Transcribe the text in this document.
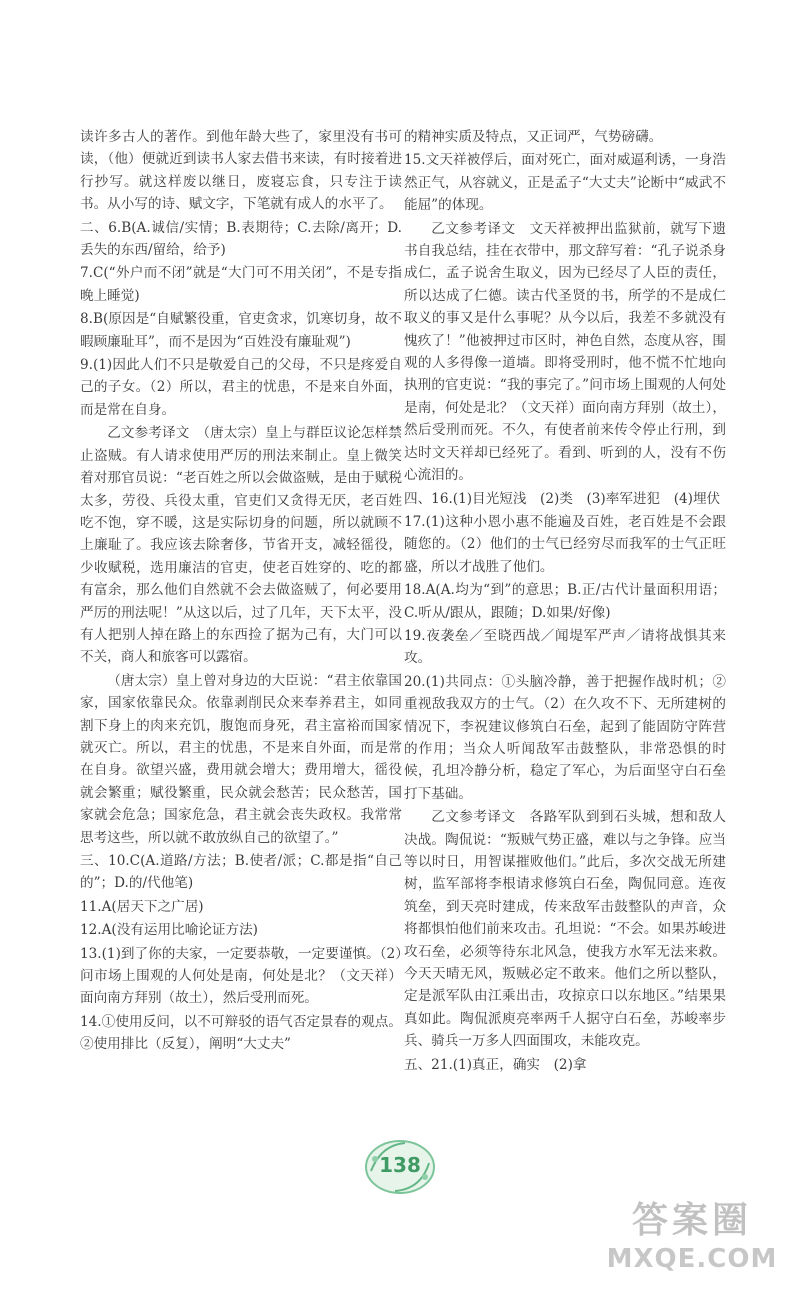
读许多古人的著作。到他年龄大些了，家里没有书可读，（他）便就近到读书人家去借书来读，有时接着进行抄写。就这样废以继日，废寝忘食，只专注于读书。从小写的诗、赋文字，下笔就有成人的水平了。

二、6.B(A.诚信/实情；B.表期待；C.去除/离开；D.丢失的东西/留给，给予)

7.C(“外户而不闭”就是“大门可不用关闭”，不是专指晚上睡觉)

8.B(原因是“自赋繁役重，官吏贪求，饥寒切身，故不暇顾廉耻耳”，而不是因为“百姓没有廉耻观”)

9.(1)因此人们不只是敬爱自己的父母，不只是疼爱自己的子女。（2）所以，君主的忧患，不是来自外面，而是常在自身。

乙文参考译文　（唐太宗）皇上与群臣议论怎样禁止盗贼。有人请求使用严厉的刑法来制止。皇上微笑着对那官员说：“老百姓之所以会做盗贼，是由于赋税太多，劳役、兵役太重，官吏们又贪得无厌，老百姓吃不饱，穿不暖，这是实际切身的问题，所以就顾不上廉耻了。我应该去除奢侈，节省开支，减轻徭役，少收赋税，选用廉洁的官吏，使老百姓穿的、吃的都有富余，那么他们自然就不会去做盗贼了，何必要用严厉的刑法呢！”从这以后，过了几年，天下太平，没有人把别人掉在路上的东西捡了据为己有，大门可以不关，商人和旅客可以露宿。

（唐太宗）皇上曾对身边的大臣说：“君主依靠国家，国家依靠民众。依靠剥削民众来奉养君主，如同割下身上的肉来充饥，腹饱而身死，君主富裕而国家就灭亡。所以，君主的忧患，不是来自外面，而是常在自身。欲望兴盛，费用就会增大；费用增大，徭役就会繁重；赋役繁重，民众就会愁苦；民众愁苦，国家就会危急；国家危急，君主就会丧失政权。我常常思考这些，所以就不敢放纵自己的欲望了。”

三、10.C(A.道路/方法；B.使者/派；C.都是指“自己的”；D.的/代他笔)

11.A(居天下之广居)

12.A(没有运用比喻论证方法)

13.(1)到了你的夫家，一定要恭敬，一定要谨慎。（2）问市场上围观的人何处是南，何处是北？（文天祥）面向南方拜别（故土），然后受刑而死。

14.①使用反问，以不可辩驳的语气否定景春的观点。②使用排比（反复），阐明“大丈夫”

的精神实质及特点，又正词严，气势磅礴。

15.文天祥被俘后，面对死亡，面对威逼利诱，一身浩然正气，从容就义，正是孟子“大丈夫”论断中“威武不能屈”的体现。

乙文参考译文　文天祥被押出监狱前，就写下遗书自我总结，挂在衣带中，那文辞写着：“孔子说杀身成仁，孟子说舍生取义，因为已经尽了人臣的责任，所以达成了仁德。读古代圣贤的书，所学的不是成仁取义的事又是什么事呢？从今以后，我差不多就没有愧疚了！”他被押过市区时，神色自然，态度从容，围观的人多得像一道墙。即将受刑时，他不慌不忙地向执刑的官吏说：“我的事完了。”问市场上围观的人何处是南，何处是北？（文天祥）面向南方拜别（故土），然后受刑而死。不久，有使者前来传令停止行刑，到达时文天祥却已经死了。看到、听到的人，没有不伤心流泪的。

四、16.(1)目光短浅　(2)类　(3)率军进犯　(4)埋伏

17.(1)这种小恩小惠不能遍及百姓，老百姓是不会跟随您的。（2）他们的士气已经穷尽而我军的士气正旺盛，所以才战胜了他们。

18.A(A.均为“到”的意思；B.正/古代计量面积用语；C.听从/跟从，跟随；D.如果/好像)

19.夜袭垒／至晓西战／闻堤军严声／请将战惧其来攻。

20.(1)共同点：①头脑冷静，善于把握作战时机；②重视敌我双方的士气。（2）在久攻不下、无所建树的情况下，李祝建议修筑白石垒，起到了能固防守阵营的作用；当众人听闻敌军击鼓整队，非常恐惧的时候，孔坦冷静分析，稳定了军心，为后面坚守白石垒打下基础。

乙文参考译文　各路军队到到石头城，想和敌人决战。陶侃说：“叛贼气势正盛，难以与之争锋。应当等以时日，用智谋摧败他们。”此后，多次交战无所建树，监军部将李根请求修筑白石垒，陶侃同意。连夜筑垒，到天亮时建成，传来敌军击鼓整队的声音，众将都惧怕他们前来攻击。孔坦说：“不会。如果苏峻进攻石垒，必须等待东北风急，使我方水军无法来救。今天天晴无风，叛贼必定不敢来。他们之所以整队，定是派军队由江乘出击，攻掠京口以东地区。”结果果真如此。陶侃派庾亮率两千人据守白石垒，苏峻率步兵、骑兵一万多人四面围攻，未能攻克。

五、21.(1)真正，确实　(2)拿

138
答案圈
MXQE.COM
